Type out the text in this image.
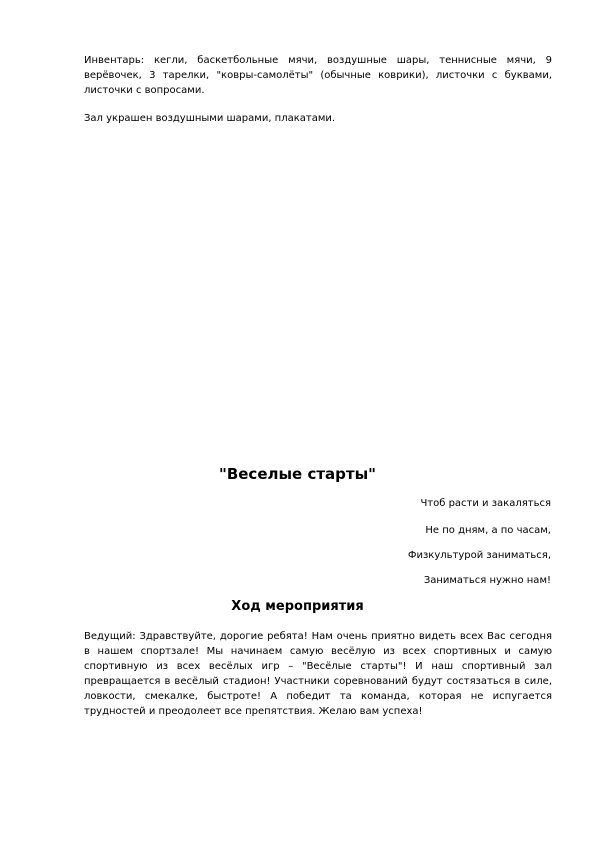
Инвентарь: кегли, баскетбольные мячи, воздушные шары, теннисные мячи, 9 верёвочек, 3 тарелки, "ковры-самолёты" (обычные коврики), листочки с буквами, листочки с вопросами.

Зал украшен воздушными шарами, плакатами.

"Веселые старты"

Чтоб расти и закаляться

Не по дням, а по часам,

Физкультурой заниматься,

Заниматься нужно нам!

Ход мероприятия

Ведущий: Здравствуйте, дорогие ребята! Нам очень приятно видеть всех Вас сегодня в нашем спортзале! Мы начинаем самую весёлую из всех спортивных и самую спортивную из всех весёлых игр – "Весёлые старты"! И наш спортивный зал превращается в весёлый стадион! Участники соревнований будут состязаться в силе, ловкости, смекалке, быстроте! А победит та команда, которая не испугается трудностей и преодолеет все препятствия. Желаю вам успеха!
